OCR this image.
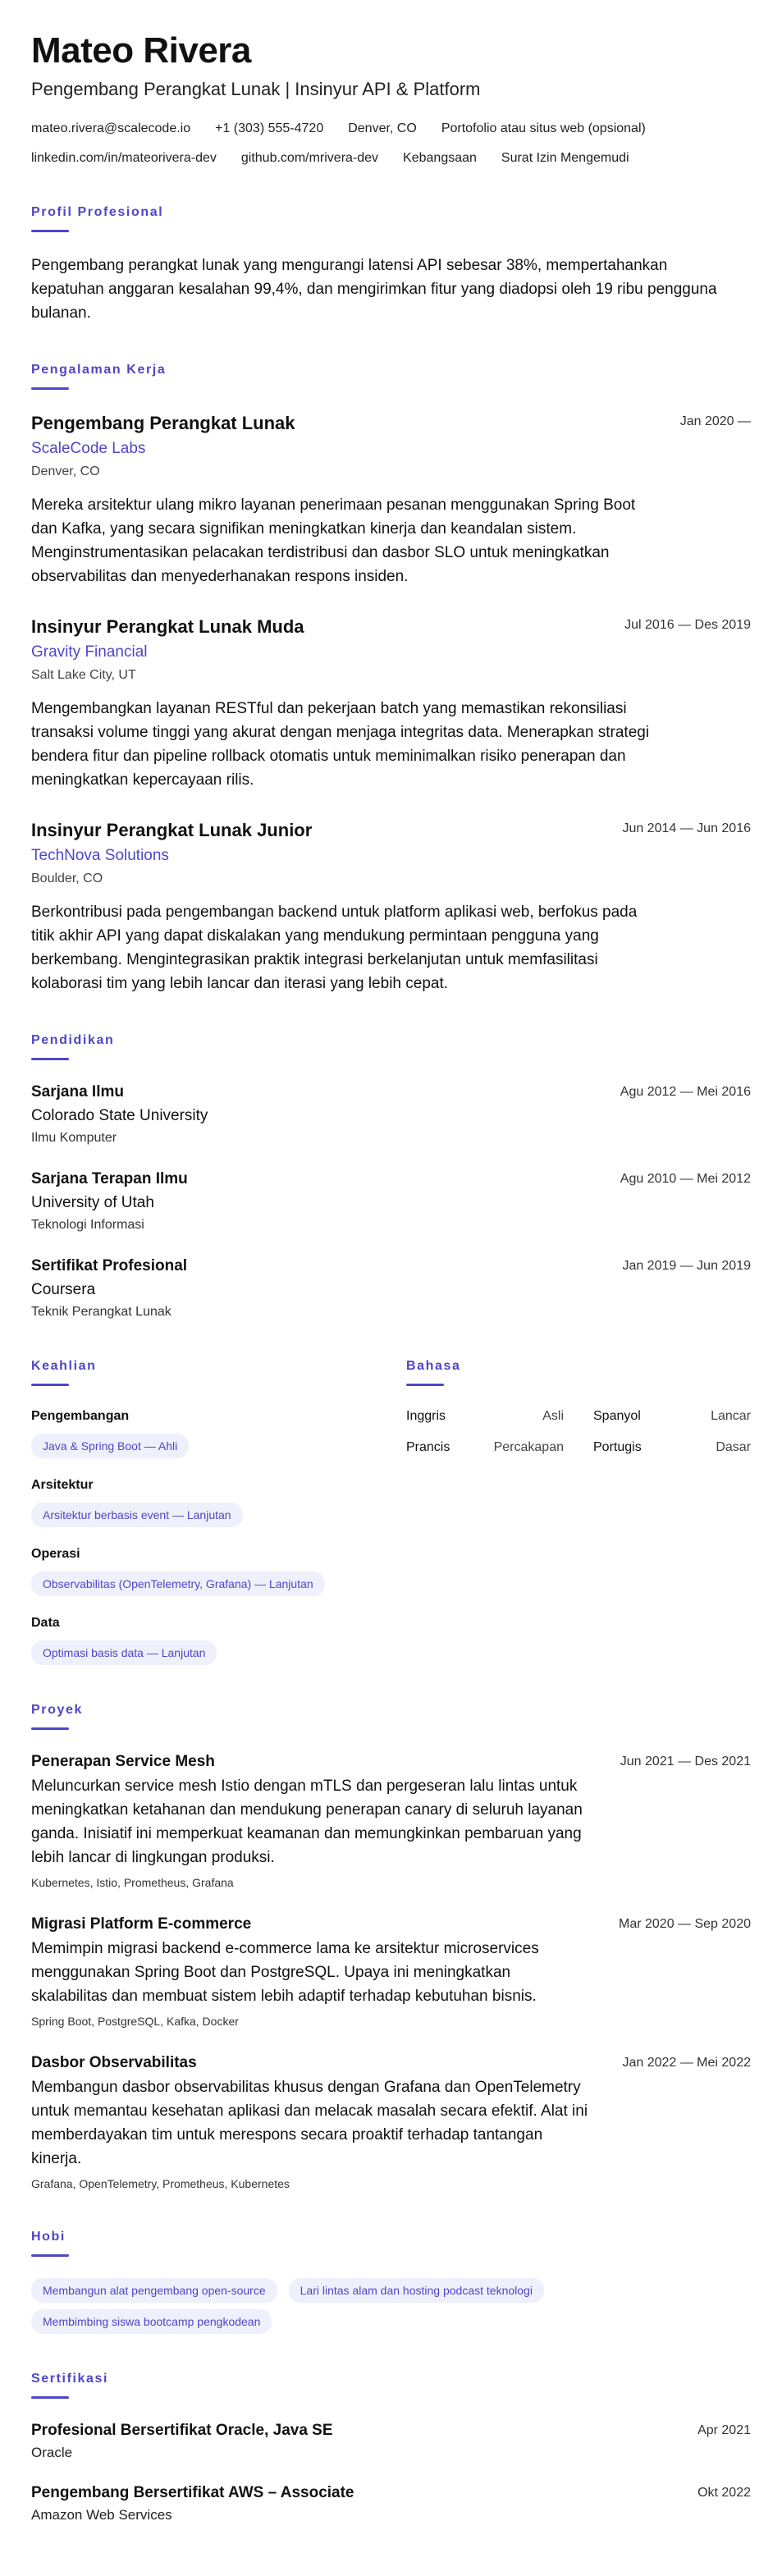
Mateo Rivera
Pengembang Perangkat Lunak | Insinyur API & Platform
mateo.rivera@scalecode.io +1 (303) 555-4720 Denver, CO Portofolio atau situs web (opsional)
linkedin.com/in/mateorivera-dev github.com/mrivera-dev Kebangsaan Surat Izin Mengemudi
Profil Profesional
Pengembang perangkat lunak yang mengurangi latensi API sebesar 38%, mempertahankan kepatuhan anggaran kesalahan 99,4%, dan mengirimkan fitur yang diadopsi oleh 19 ribu pengguna bulanan.
Pengalaman Kerja
Pengembang Perangkat Lunak	Jan 2020 —
ScaleCode Labs
Denver, CO
Mereka arsitektur ulang mikro layanan penerimaan pesanan menggunakan Spring Boot dan Kafka, yang secara signifikan meningkatkan kinerja dan keandalan sistem. Menginstrumentasikan pelacakan terdistribusi dan dasbor SLO untuk meningkatkan observabilitas dan menyederhanakan respons insiden.
Insinyur Perangkat Lunak Muda	Jul 2016 — Des 2019
Gravity Financial
Salt Lake City, UT
Mengembangkan layanan RESTful dan pekerjaan batch yang memastikan rekonsiliasi transaksi volume tinggi yang akurat dengan menjaga integritas data. Menerapkan strategi bendera fitur dan pipeline rollback otomatis untuk meminimalkan risiko penerapan dan meningkatkan kepercayaan rilis.
Insinyur Perangkat Lunak Junior	Jun 2014 — Jun 2016
TechNova Solutions
Boulder, CO
Berkontribusi pada pengembangan backend untuk platform aplikasi web, berfokus pada titik akhir API yang dapat diskalakan yang mendukung permintaan pengguna yang berkembang. Mengintegrasikan praktik integrasi berkelanjutan untuk memfasilitasi kolaborasi tim yang lebih lancar dan iterasi yang lebih cepat.
Pendidikan
Sarjana Ilmu	Agu 2012 — Mei 2016
Colorado State University
Ilmu Komputer
Sarjana Terapan Ilmu	Agu 2010 — Mei 2012
University of Utah
Teknologi Informasi
Sertifikat Profesional	Jan 2019 — Jun 2019
Coursera
Teknik Perangkat Lunak
Keahlian
Pengembangan
Java & Spring Boot — Ahli
Arsitektur
Arsitektur berbasis event — Lanjutan
Operasi
Observabilitas (OpenTelemetry, Grafana) — Lanjutan
Data
Optimasi basis data — Lanjutan
Bahasa
Inggris	Asli Spanyol	Lancar
Prancis	Percakapan Portugis	Dasar
Proyek
Penerapan Service Mesh	Jun 2021 — Des 2021
Meluncurkan service mesh Istio dengan mTLS dan pergeseran lalu lintas untuk meningkatkan ketahanan dan mendukung penerapan canary di seluruh layanan ganda. Inisiatif ini memperkuat keamanan dan memungkinkan pembaruan yang lebih lancar di lingkungan produksi.
Kubernetes, Istio, Prometheus, Grafana
Migrasi Platform E-commerce	Mar 2020 — Sep 2020
Memimpin migrasi backend e-commerce lama ke arsitektur microservices menggunakan Spring Boot dan PostgreSQL. Upaya ini meningkatkan skalabilitas dan membuat sistem lebih adaptif terhadap kebutuhan bisnis.
Spring Boot, PostgreSQL, Kafka, Docker
Dasbor Observabilitas	Jan 2022 — Mei 2022
Membangun dasbor observabilitas khusus dengan Grafana dan OpenTelemetry untuk memantau kesehatan aplikasi dan melacak masalah secara efektif. Alat ini memberdayakan tim untuk merespons secara proaktif terhadap tantangan kinerja.
Grafana, OpenTelemetry, Prometheus, Kubernetes
Hobi
Membangun alat pengembang open-source	Lari lintas alam dan hosting podcast teknologi
Membimbing siswa bootcamp pengkodean
Sertifikasi
Profesional Bersertifikat Oracle, Java SE	Apr 2021
Oracle
Pengembang Bersertifikat AWS – Associate	Okt 2022
Amazon Web Services
